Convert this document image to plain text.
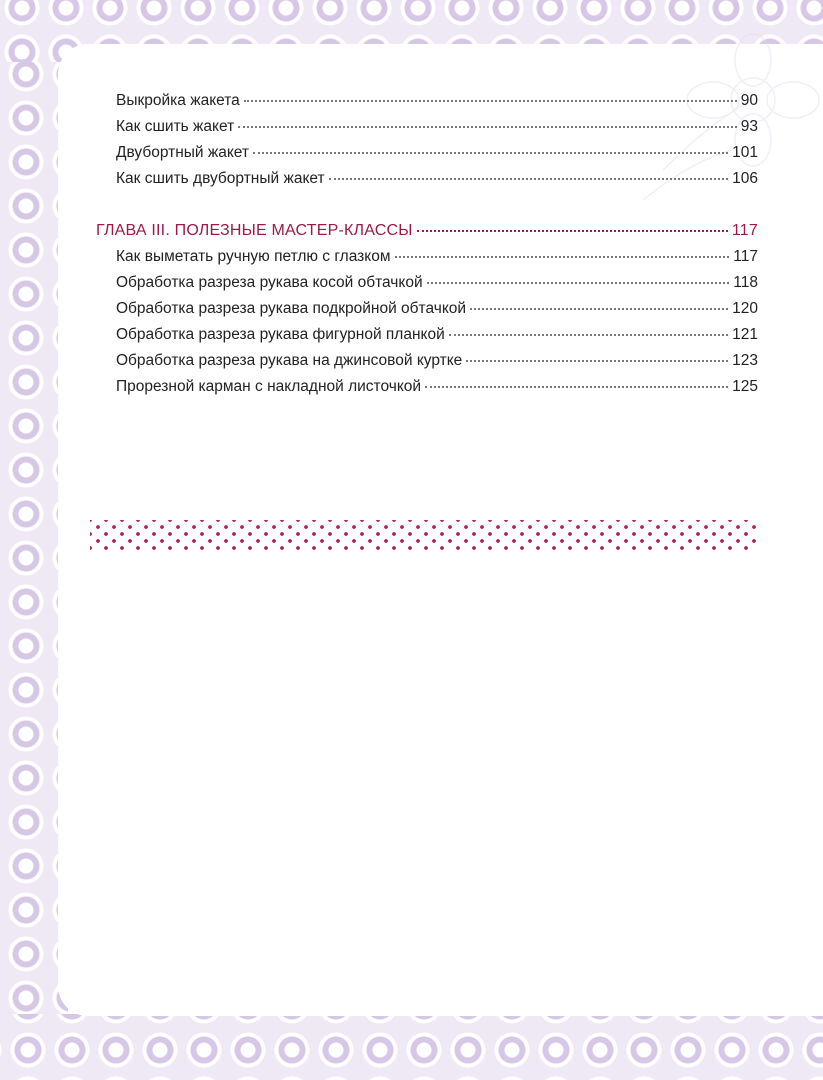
Выкройка жакета	90
Как сшить жакет	93
Двубортный жакет	101
Как сшить двубортный жакет	106
ГЛАВА III. ПОЛЕЗНЫЕ МАСТЕР-КЛАССЫ	117
Как выметать ручную петлю с глазком	117
Обработка разреза рукава косой обтачкой	118
Обработка разреза рукава подкройной обтачкой	120
Обработка разреза рукава фигурной планкой	121
Обработка разреза рукава на джинсовой куртке	123
Прорезной карман с накладной листочкой	125
